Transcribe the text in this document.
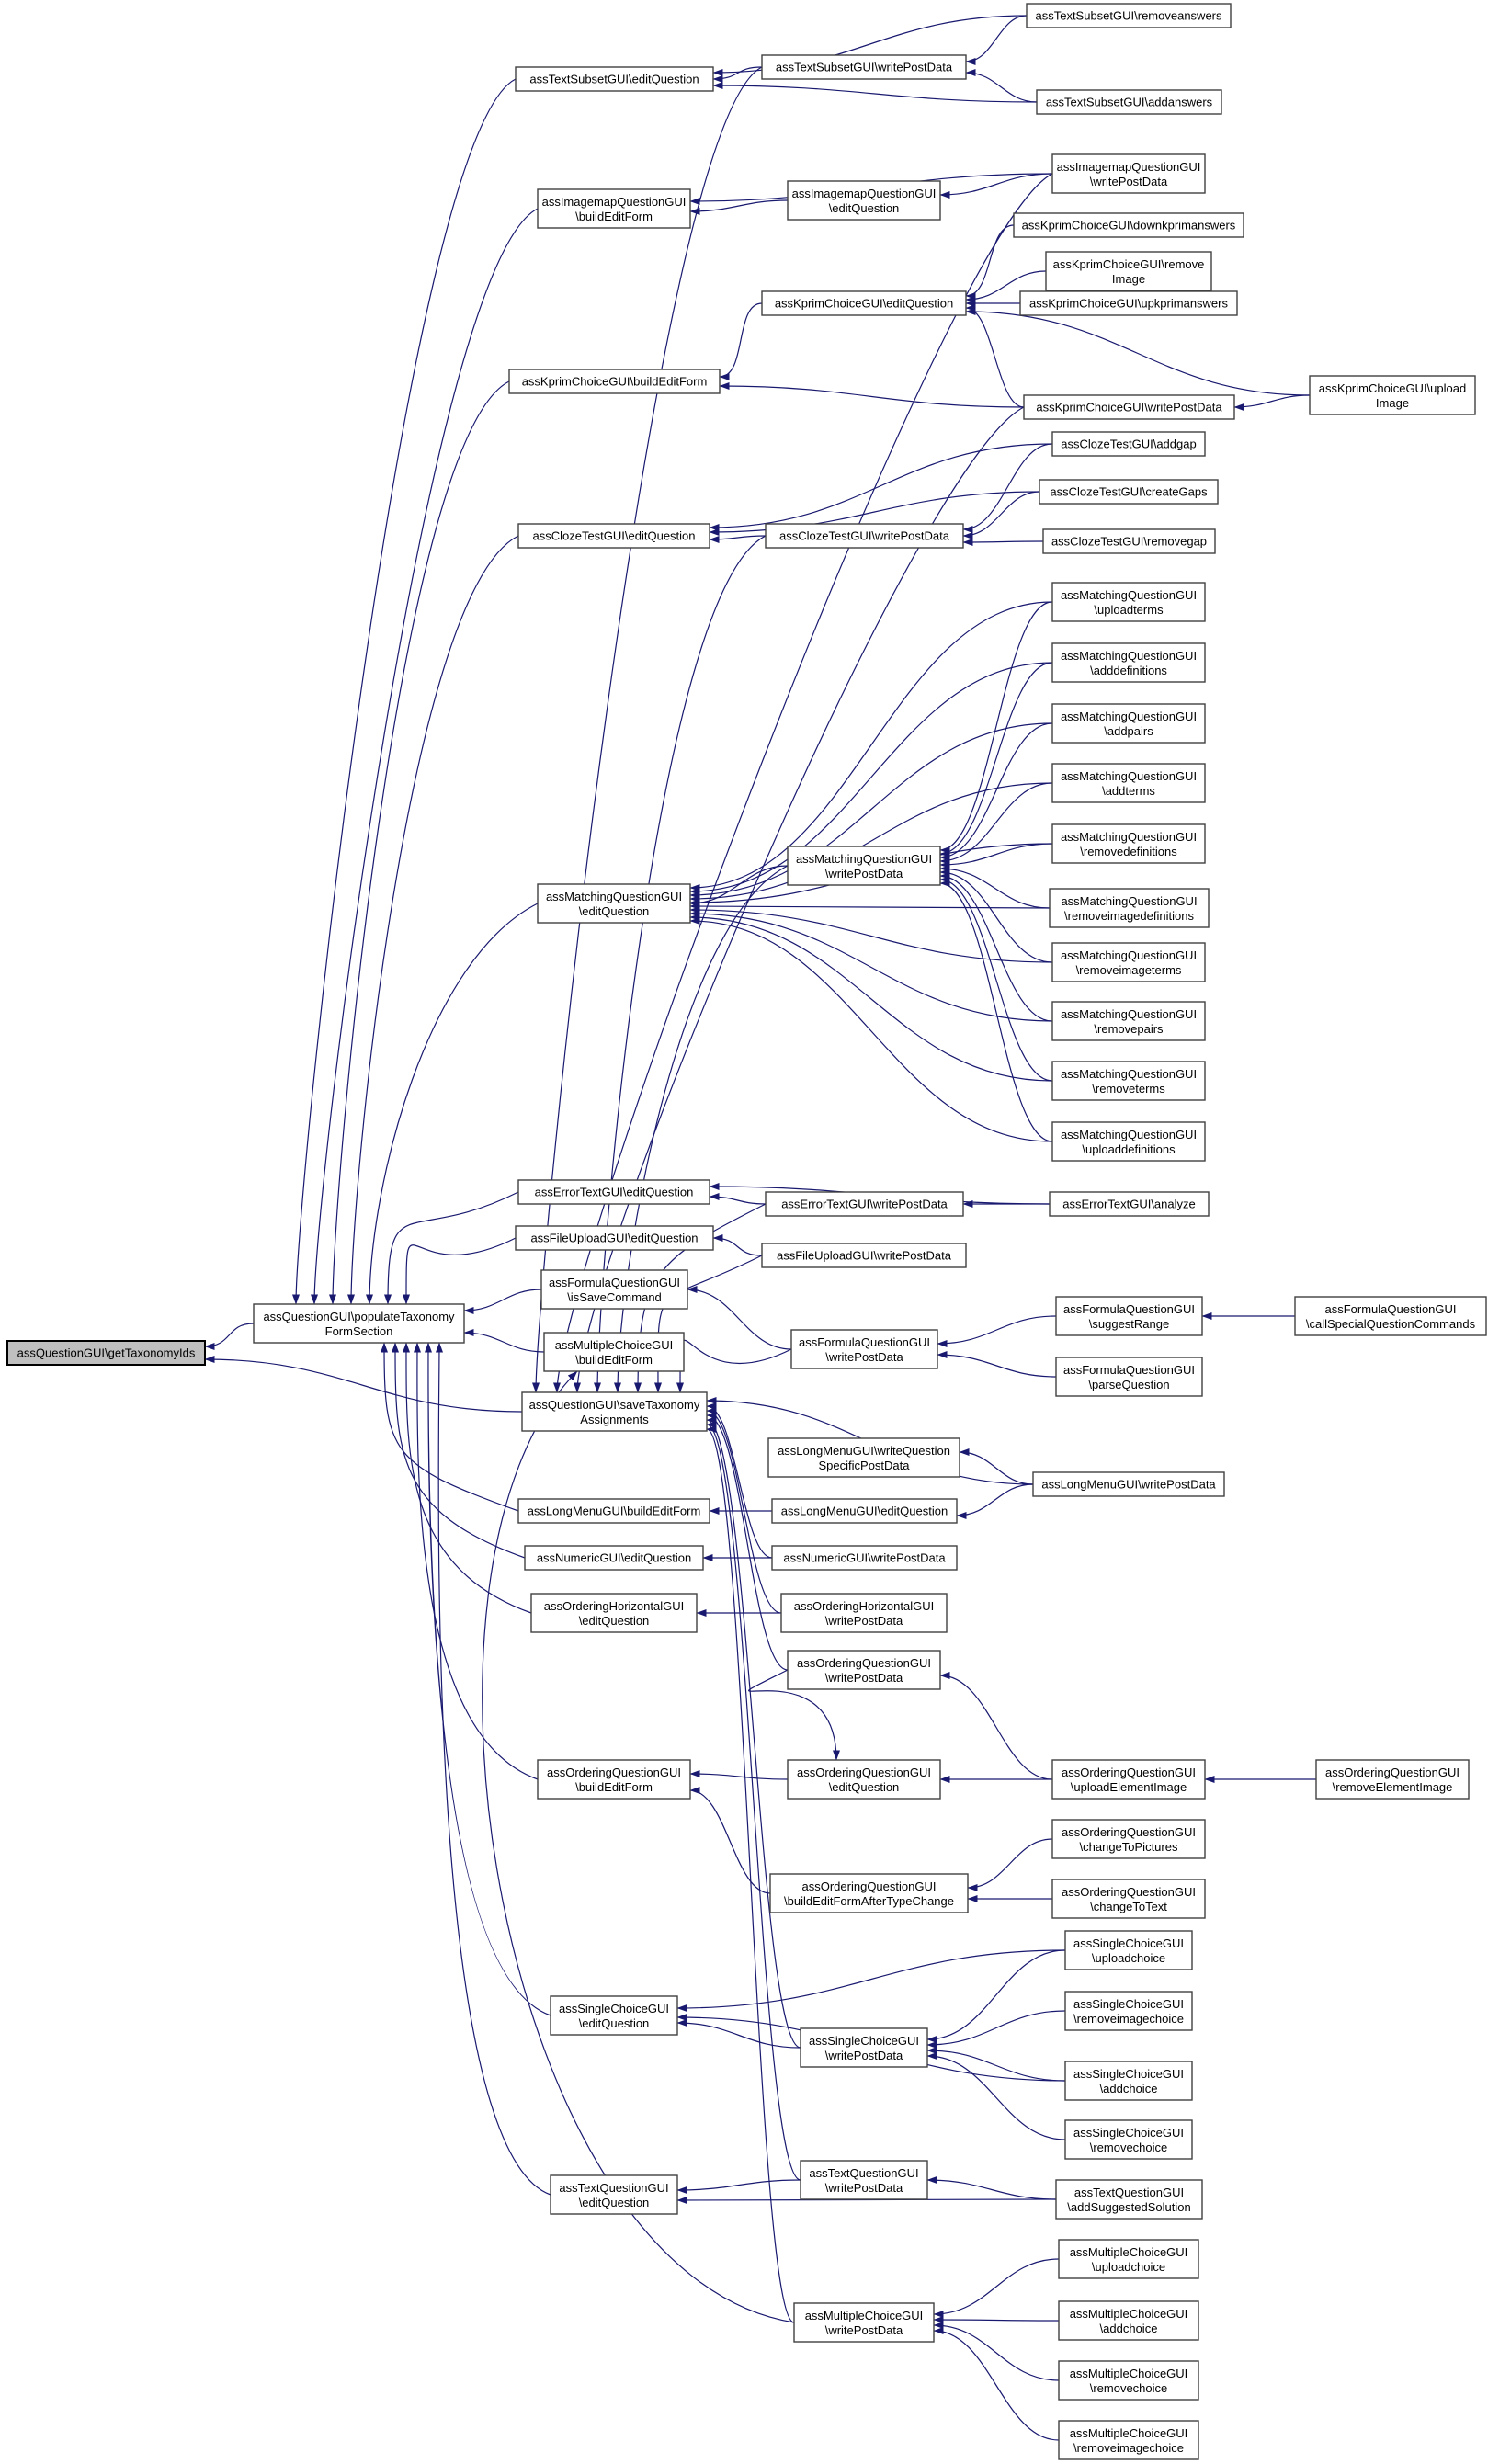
assQuestionGUI\getTaxonomyIds
assQuestionGUI\populateTaxonomy FormSection
assTextSubsetGUI\editQuestion
assImagemapQuestionGUI \buildEditForm
assKprimChoiceGUI\buildEditForm
assClozeTestGUI\editQuestion
assMatchingQuestionGUI \editQuestion
assErrorTextGUI\editQuestion
assFileUploadGUI\editQuestion
assFormulaQuestionGUI \isSaveCommand
assMultipleChoiceGUI \buildEditForm
assQuestionGUI\saveTaxonomy Assignments
assLongMenuGUI\buildEditForm
assNumericGUI\editQuestion
assOrderingHorizontalGUI \editQuestion
assOrderingQuestionGUI \buildEditForm
assSingleChoiceGUI \editQuestion
assTextQuestionGUI \editQuestion
assTextSubsetGUI\writePostData
assImagemapQuestionGUI \editQuestion
assKprimChoiceGUI\editQuestion
assClozeTestGUI\writePostData
assMatchingQuestionGUI \writePostData
assErrorTextGUI\writePostData
assFileUploadGUI\writePostData
assFormulaQuestionGUI \writePostData
assLongMenuGUI\writeQuestion SpecificPostData
assLongMenuGUI\editQuestion
assNumericGUI\writePostData
assOrderingHorizontalGUI \writePostData
assOrderingQuestionGUI \writePostData
assOrderingQuestionGUI \editQuestion
assOrderingQuestionGUI \buildEditFormAfterTypeChange
assSingleChoiceGUI \writePostData
assTextQuestionGUI \writePostData
assMultipleChoiceGUI \writePostData
assTextSubsetGUI\removeanswers
assTextSubsetGUI\addanswers
assImagemapQuestionGUI \writePostData
assKprimChoiceGUI\downkprimanswers
assKprimChoiceGUI\remove Image
assKprimChoiceGUI\upkprimanswers
assKprimChoiceGUI\writePostData
assClozeTestGUI\addgap
assClozeTestGUI\createGaps
assClozeTestGUI\removegap
assMatchingQuestionGUI \uploadterms
assMatchingQuestionGUI \adddefinitions
assMatchingQuestionGUI \addpairs
assMatchingQuestionGUI \addterms
assMatchingQuestionGUI \removedefinitions
assMatchingQuestionGUI \removeimagedefinitions
assMatchingQuestionGUI \removeimageterms
assMatchingQuestionGUI \removepairs
assMatchingQuestionGUI \removeterms
assMatchingQuestionGUI \uploaddefinitions
assErrorTextGUI\analyze
assFormulaQuestionGUI \suggestRange
assFormulaQuestionGUI \parseQuestion
assLongMenuGUI\writePostData
assOrderingQuestionGUI \uploadElementImage
assOrderingQuestionGUI \changeToPictures
assOrderingQuestionGUI \changeToText
assSingleChoiceGUI \uploadchoice
assSingleChoiceGUI \removeimagechoice
assSingleChoiceGUI \addchoice
assSingleChoiceGUI \removechoice
assTextQuestionGUI \addSuggestedSolution
assMultipleChoiceGUI \uploadchoice
assMultipleChoiceGUI \addchoice
assMultipleChoiceGUI \removechoice
assMultipleChoiceGUI \removeimagechoice
assKprimChoiceGUI\upload Image
assFormulaQuestionGUI \callSpecialQuestionCommands
assOrderingQuestionGUI \removeElementImage
